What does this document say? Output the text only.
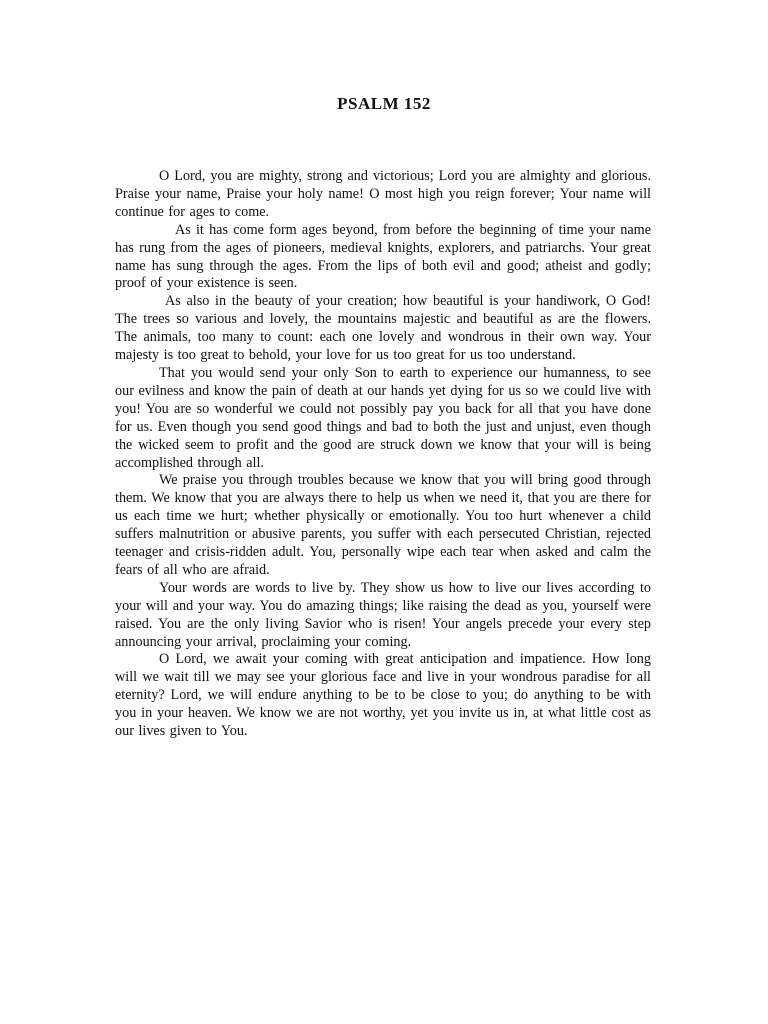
PSALM 152

O Lord, you are mighty, strong and victorious; Lord you are almighty and glorious. Praise your name, Praise your holy name! O most high you reign forever; Your name will continue for ages to come.

As it has come form ages beyond, from before the beginning of time your name has rung from the ages of pioneers, medieval knights, explorers, and patriarchs. Your great name has sung through the ages. From the lips of both evil and good; atheist and godly; proof of your existence is seen.

As also in the beauty of your creation; how beautiful is your handiwork, O God! The trees so various and lovely, the mountains majestic and beautiful as are the flowers. The animals, too many to count: each one lovely and wondrous in their own way. Your majesty is too great to behold, your love for us too great for us too understand.

That you would send your only Son to earth to experience our humanness, to see our evilness and know the pain of death at our hands yet dying for us so we could live with you! You are so wonderful we could not possibly pay you back for all that you have done for us. Even though you send good things and bad to both the just and unjust, even though the wicked seem to profit and the good are struck down we know that your will is being accomplished through all.

We praise you through troubles because we know that you will bring good through them. We know that you are always there to help us when we need it, that you are there for us each time we hurt; whether physically or emotionally. You too hurt whenever a child suffers malnutrition or abusive parents, you suffer with each persecuted Christian, rejected teenager and crisis-ridden adult. You, personally wipe each tear when asked and calm the fears of all who are afraid.

Your words are words to live by. They show us how to live our lives according to your will and your way. You do amazing things; like raising the dead as you, yourself were raised. You are the only living Savior who is risen! Your angels precede your every step announcing your arrival, proclaiming your coming.

O Lord, we await your coming with great anticipation and impatience. How long will we wait till we may see your glorious face and live in your wondrous paradise for all eternity? Lord, we will endure anything to be to be close to you; do anything to be with you in your heaven. We know we are not worthy, yet you invite us in, at what little cost as our lives given to You.
